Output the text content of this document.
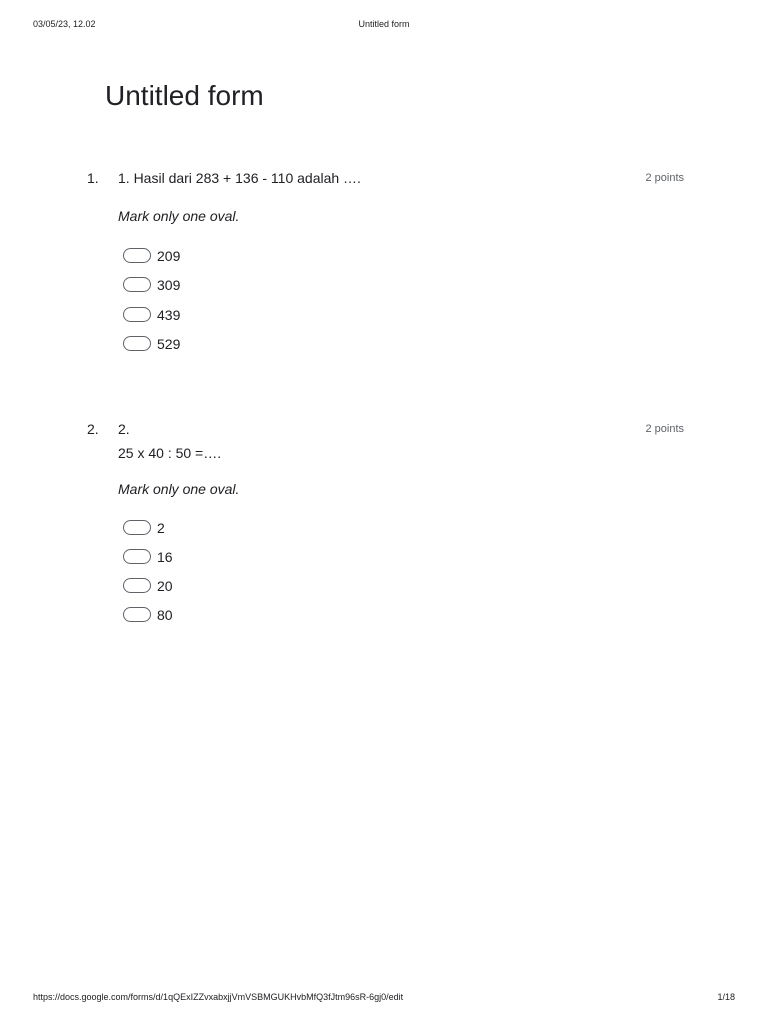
03/05/23, 12.02	Untitled form
Untitled form
1. 1. Hasil dari 283 + 136 - 110 adalah ….	2 points
Mark only one oval.
209
309
439
529
2. 2.
25 x 40 : 50 =….
2 points
Mark only one oval.
2
16
20
80
https://docs.google.com/forms/d/1qQExIZZvxabxjjVmVSBMGUKHvbMfQ3fJtm96sR-6gj0/edit	1/18
